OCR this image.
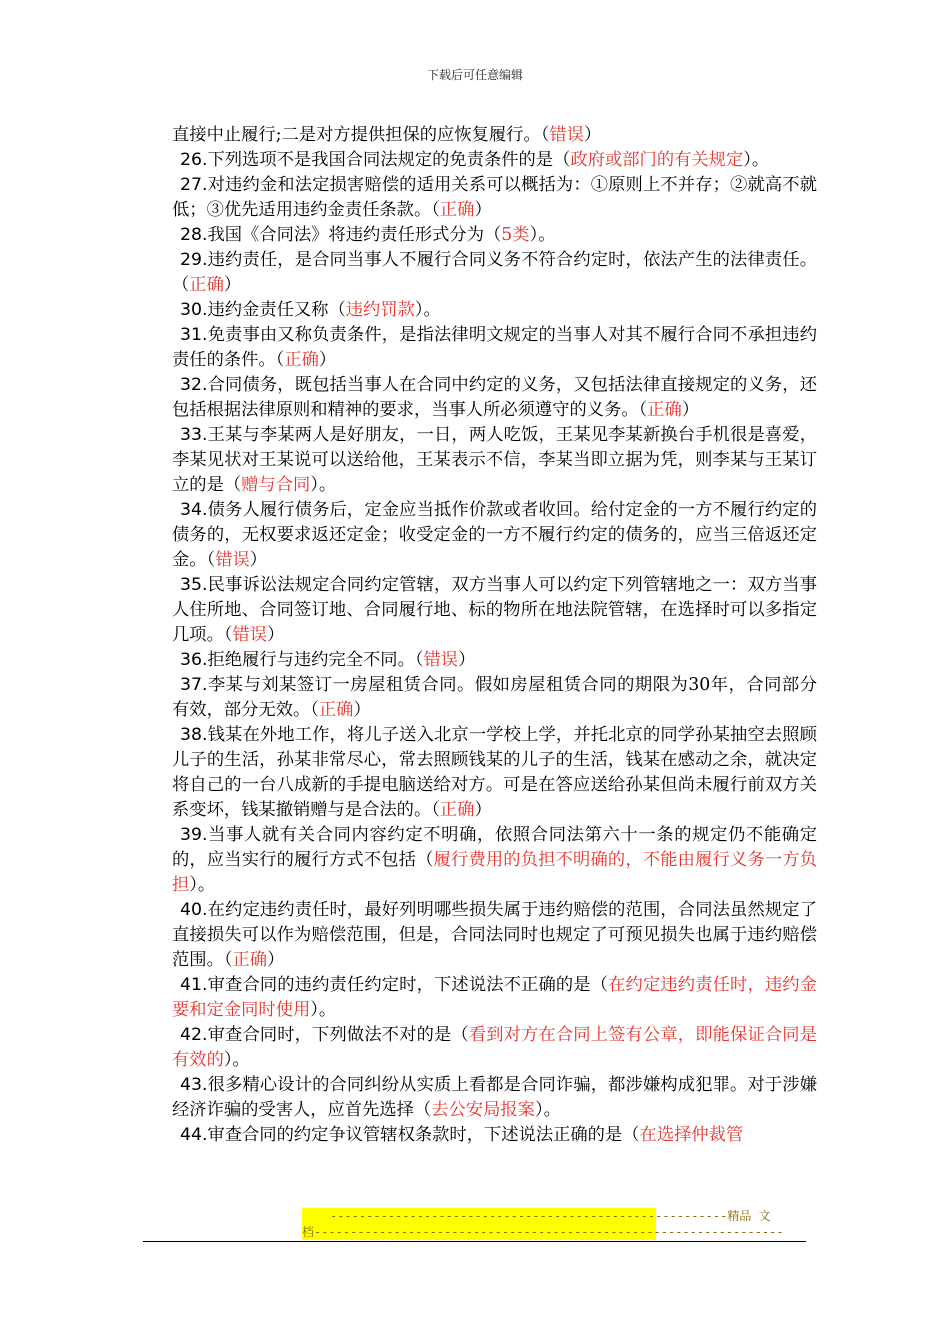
下载后可任意编辑
直接中止履行;二是对方提供担保的应恢复履行。（错误）
26.下列选项不是我国合同法规定的免责条件的是（政府或部门的有关规定）。
27.对违约金和法定损害赔偿的适用关系可以概括为：①原则上不并存；②就高不就低；③优先适用违约金责任条款。（正确）
28.我国《合同法》将违约责任形式分为（5类）。
29.违约责任，是合同当事人不履行合同义务不符合约定时，依法产生的法律责任。（正确）
30.违约金责任又称（违约罚款）。
31.免责事由又称负责条件，是指法律明文规定的当事人对其不履行合同不承担违约责任的条件。（正确）
32.合同债务，既包括当事人在合同中约定的义务，又包括法律直接规定的义务，还包括根据法律原则和精神的要求，当事人所必须遵守的义务。（正确）
33.王某与李某两人是好朋友，一日，两人吃饭，王某见李某新换台手机很是喜爱，李某见状对王某说可以送给他，王某表示不信，李某当即立据为凭，则李某与王某订立的是（赠与合同）。
34.债务人履行债务后，定金应当抵作价款或者收回。给付定金的一方不履行约定的债务的，无权要求返还定金；收受定金的一方不履行约定的债务的，应当三倍返还定金。（错误）
35.民事诉讼法规定合同约定管辖，双方当事人可以约定下列管辖地之一：双方当事人住所地、合同签订地、合同履行地、标的物所在地法院管辖，在选择时可以多指定几项。（错误）
36.拒绝履行与违约完全不同。（错误）
37.李某与刘某签订一房屋租赁合同。假如房屋租赁合同的期限为30年，合同部分有效，部分无效。（正确）
38.钱某在外地工作，将儿子送入北京一学校上学，并托北京的同学孙某抽空去照顾儿子的生活，孙某非常尽心，常去照顾钱某的儿子的生活，钱某在感动之余，就决定将自己的一台八成新的手提电脑送给对方。可是在答应送给孙某但尚未履行前双方关系变坏，钱某撤销赠与是合法的。（正确）
39.当事人就有关合同内容约定不明确，依照合同法第六十一条的规定仍不能确定的，应当实行的履行方式不包括（履行费用的负担不明确的，不能由履行义务一方负担）。
40.在约定违约责任时，最好列明哪些损失属于违约赔偿的范围，合同法虽然规定了直接损失可以作为赔偿范围，但是，合同法同时也规定了可预见损失也属于违约赔偿范围。（正确）
41.审查合同的违约责任约定时，下述说法不正确的是（在约定违约责任时，违约金要和定金同时使用）。
42.审查合同时，下列做法不对的是（看到对方在合同上签有公章，即能保证合同是有效的）。
43.很多精心设计的合同纠纷从实质上看都是合同诈骗，都涉嫌构成犯罪。对于涉嫌经济诈骗的受害人，应首先选择（去公安局报案）。
44.审查合同的约定争议管辖权条款时，下述说法正确的是（在选择仲裁管
-------------------------------------------------------精品 文
档-----------------------------------------------------------------
